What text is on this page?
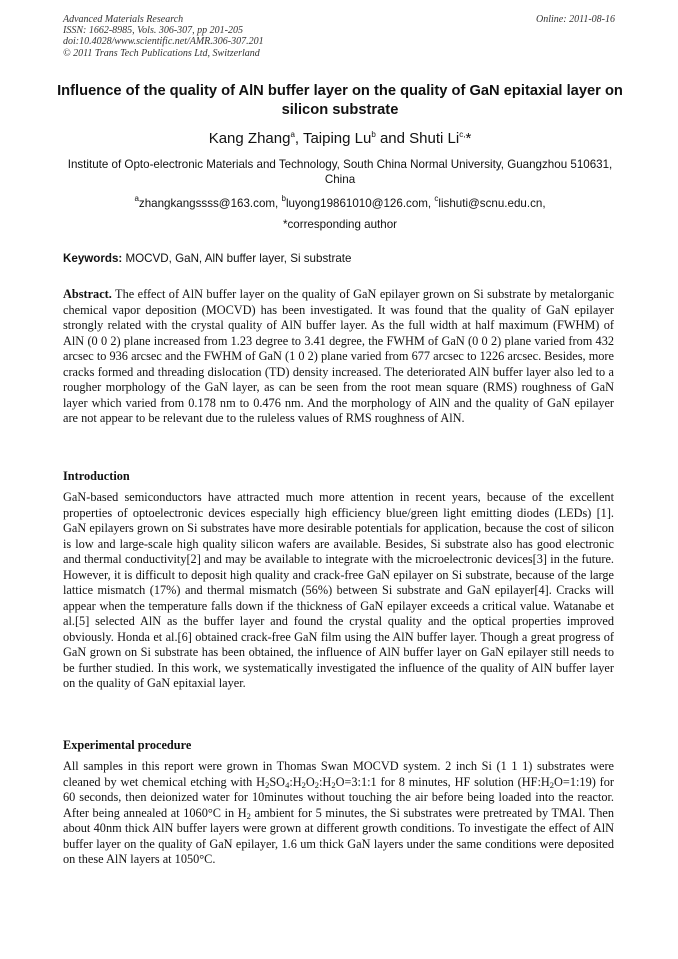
Advanced Materials Research	Online: 2011-08-16
ISSN: 1662-8985, Vols. 306-307, pp 201-205
doi:10.4028/www.scientific.net/AMR.306-307.201
© 2011 Trans Tech Publications Ltd, Switzerland
Influence of the quality of AlN buffer layer on the quality of GaN epitaxial layer on silicon substrate
Kang Zhang$^a$, Taiping Lu$^b$ and Shuti $Li^{c,}*$
Institute of Opto-electronic Materials and Technology, South China Normal University, Guangzhou 510631, China
$^a$zhangkangssss@163.com, $^b$luyong19861010@126.com, $^c$lishuti@scnu.edu.cn,
*corresponding author
Keywords: MOCVD, GaN, AlN buffer layer, Si substrate
Abstract. The effect of AlN buffer layer on the quality of GaN epilayer grown on Si substrate by metalorganic chemical vapor deposition (MOCVD) has been investigated. It was found that the quality of GaN epilayer strongly related with the crystal quality of AlN buffer layer. As the full width at half maximum (FWHM) of AlN (0 0 2) plane increased from 1.23 degree to 3.41 degree, the FWHM of GaN (0 0 2) plane varied from 432 arcsec to 936 arcsec and the FWHM of GaN (1 0 2) plane varied from 677 arcsec to 1226 arcsec. Besides, more cracks formed and threading dislocation (TD) density increased. The deteriorated AlN buffer layer also led to a rougher morphology of the GaN layer, as can be seen from the root mean square (RMS) roughness of GaN layer which varied from 0.178 nm to 0.476 nm. And the morphology of AlN and the quality of GaN epilayer are not appear to be relevant due to the ruleless values of RMS roughness of AlN.
Introduction
GaN-based semiconductors have attracted much more attention in recent years, because of the excellent properties of optoelectronic devices especially high efficiency blue/green light emitting diodes (LEDs) [1]. GaN epilayers grown on Si substrates have more desirable potentials for application, because the cost of silicon is low and large-scale high quality silicon wafers are available. Besides, Si substrate also has good electronic and thermal conductivity[2] and may be available to integrate with the microelectronic devices[3] in the future. However, it is difficult to deposit high quality and crack-free GaN epilayer on Si substrate, because of the large lattice mismatch (17%) and thermal mismatch (56%) between Si substrate and GaN epilayer[4]. Cracks will appear when the temperature falls down if the thickness of GaN epilayer exceeds a critical value. Watanabe et al.[5] selected AlN as the buffer layer and found the crystal quality and the optical properties improved obviously. Honda et al.[6] obtained crack-free GaN film using the AlN buffer layer. Though a great progress of GaN grown on Si substrate has been obtained, the influence of AlN buffer layer on GaN epilayer still needs to be further studied. In this work, we systematically investigated the influence of the quality of AlN buffer layer on the quality of GaN epitaxial layer.
Experimental procedure
All samples in this report were grown in Thomas Swan MOCVD system. 2 inch Si (1 1 1) substrates were cleaned by wet chemical etching with $H_2SO_4:H_2O_2:H_2O=3:1:1$ for 8 minutes, HF solution $(HF:H_2O=1:19)$ for 60 seconds, then deionized water for 10minutes without touching the air before being loaded into the reactor. After being annealed at 1060°C in $H_2$ ambient for 5 minutes, the Si substrates were pretreated by TMAl. Then about 40nm thick AlN buffer layers were grown at different growth conditions. To investigate the effect of AlN buffer layer on the quality of GaN epilayer, 1.6 um thick GaN layers under the same conditions were deposited on these AlN layers at 1050°C.
